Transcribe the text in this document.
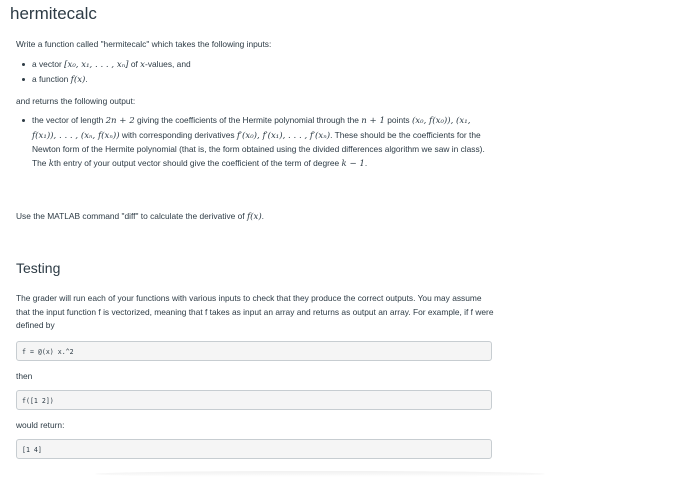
hermitecalc

Write a function called "hermitecalc" which takes the following inputs:

a vector [x₀, x₁, . . . , xₙ] of x-values, and
a function f(x).

and returns the following output:

the vector of length 2n + 2 giving the coefficients of the Hermite polynomial through the n + 1 points (x₀, f(x₀)), (x₁, f(x₁)), . . . , (xₙ, f(xₙ)) with corresponding derivatives f′(x₀), f′(x₁), . . . , f′(xₙ). These should be the coefficients for the Newton form of the Hermite polynomial (that is, the form obtained using the divided differences algorithm we saw in class). The kth entry of your output vector should give the coefficient of the term of degree k − 1.

Use the MATLAB command "diff" to calculate the derivative of f(x).

Testing

The grader will run each of your functions with various inputs to check that they produce the correct outputs. You may assume that the input function f is vectorized, meaning that f takes as input an array and returns as output an array. For example, if f were defined by

f = @(x) x.^2

then

f([1 2])

would return:

[1 4]
